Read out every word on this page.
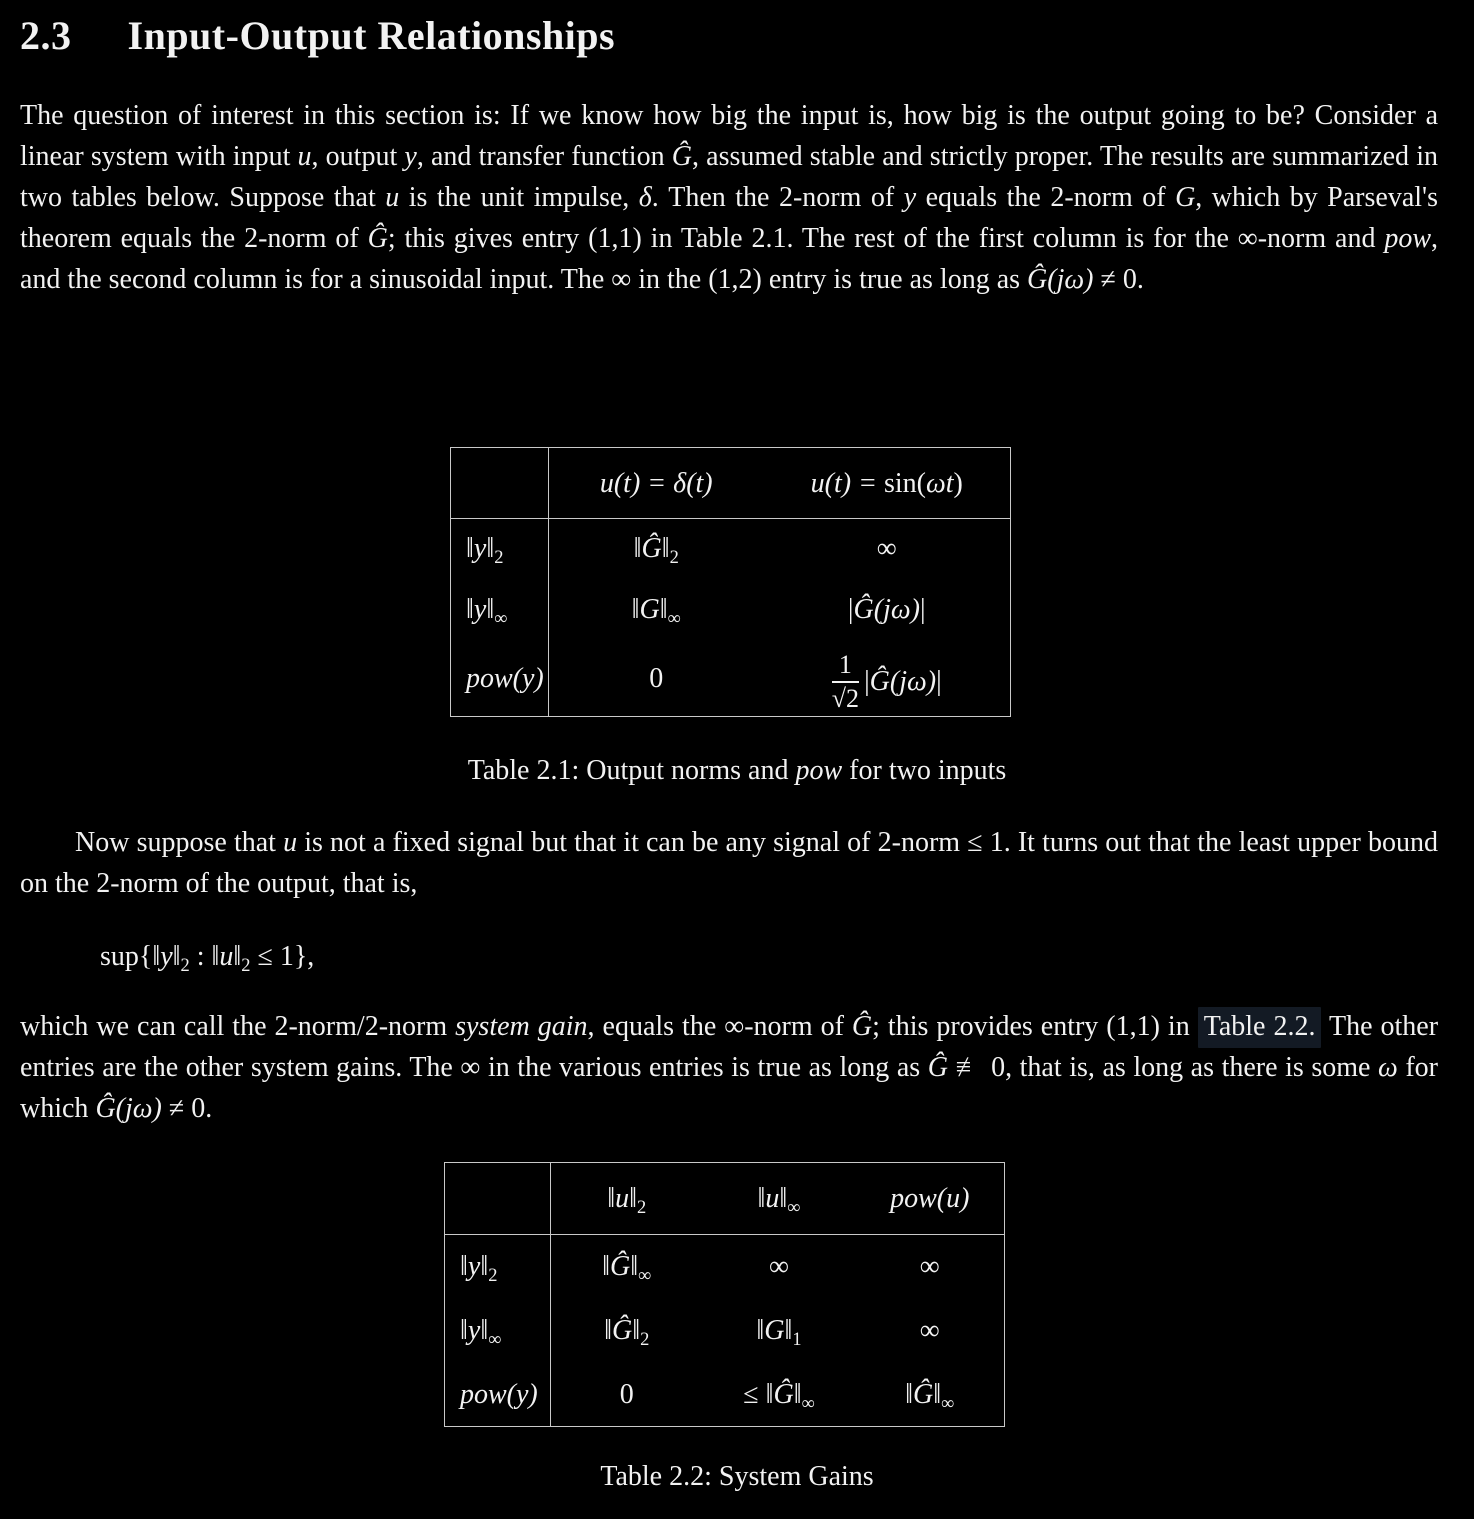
2.3 Input-Output Relationships

The question of interest in this section is: If we know how big the input is, how big is the output going to be? Consider a linear system with input u, output y, and transfer function Ĝ, assumed stable and strictly proper. The results are summarized in two tables below. Suppose that u is the unit impulse, δ. Then the 2-norm of y equals the 2-norm of G, which by Parseval's theorem equals the 2-norm of Ĝ; this gives entry (1,1) in Table 2.1. The rest of the first column is for the ∞-norm and pow, and the second column is for a sinusoidal input. The ∞ in the (1,2) entry is true as long as Ĝ(jω) ≠ 0.

	u(t) = δ(t)	u(t) = sin(ωt)
$‖y‖_2$	$‖Ĝ‖_2$	∞
$‖y‖_\infty$	$‖G‖_\infty$	|Ĝ(jω)|
pow(y)	0	$\frac{1}{√2}$ |Ĝ(jω)|
Table 2.1: Output norms and pow for two inputs

Now suppose that u is not a fixed signal but that it can be any signal of 2-norm ≤ 1. It turns out that the least upper bound on the 2-norm of the output, that is,

$sup\{‖y‖_2$ : $‖u‖_2 \le 1$},

which we can call the 2-norm/2-norm system gain, equals the ∞-norm of Ĝ; this provides entry (1,1) in Table 2.2. The other entries are the other system gains. The ∞ in the various entries is true as long as Ĝ ≢ 0, that is, as long as there is some ω for which Ĝ(jω) ≠ 0.

	$‖u‖_2$	$‖u‖_\infty$	pow(u)
$‖y‖_2$	$‖Ĝ‖_\infty$	∞	∞
$‖y‖_\infty$	$‖Ĝ‖_2$	$‖G‖_1$	∞
pow(y)	0	≤ $‖Ĝ‖_\infty$	$‖Ĝ‖_\infty$
Table 2.2: System Gains
